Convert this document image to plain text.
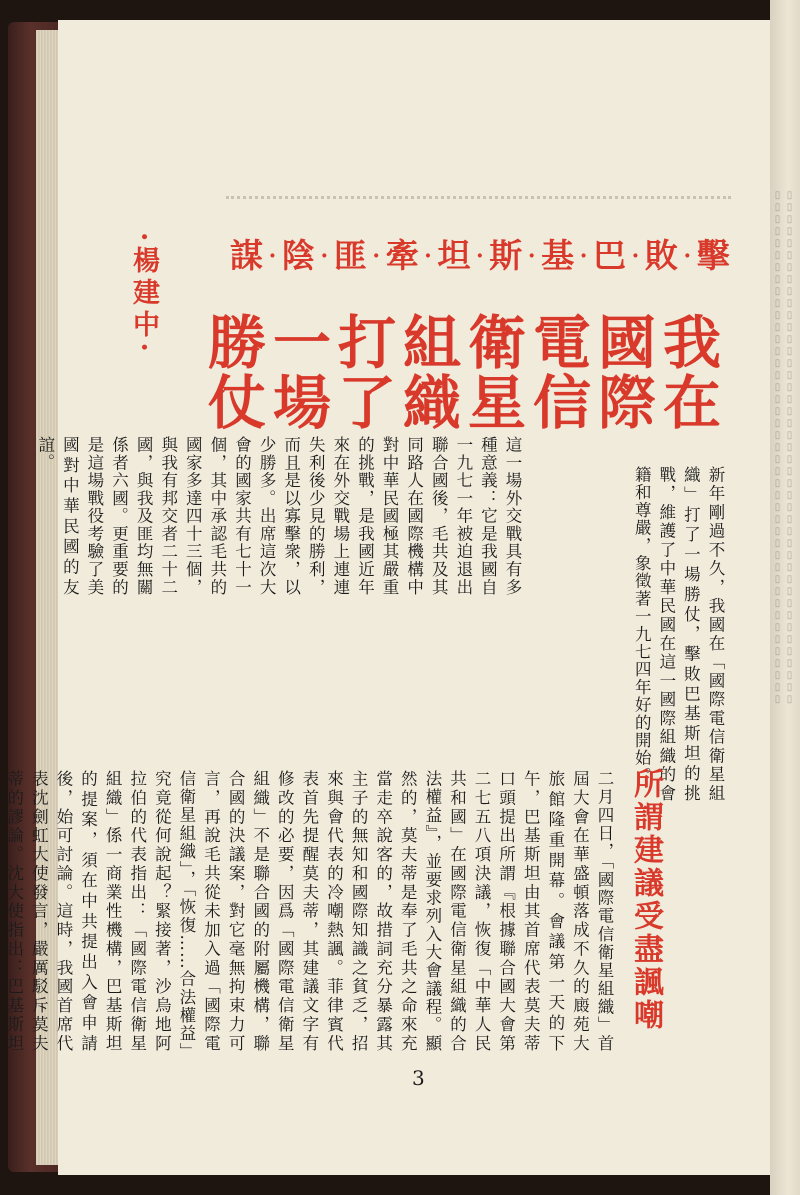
▯▯▯▯▯▯▯▯▯▯▯▯▯▯▯▯▯▯▯▯▯▯▯▯▯▯▯▯▯▯▯▯▯▯▯▯▯▯▯▯▯▯▯ ▯▯▯▯▯▯▯▯▯▯▯▯▯▯▯▯▯▯▯▯▯▯▯▯▯▯▯▯▯▯▯▯▯▯▯▯▯▯▯▯▯▯▯
擊
·
敗
·
巴
·
基
·
斯
·
坦
·
牽
·
匪
·
陰
·
謀
·楊建中·
我在
國際
電信
衛星
組織
打了
一場
勝仗
新年剛過不久，我國在「國際電信衛星組織」打了一場勝仗，擊敗巴基斯坦的挑戰，維護了中華民國在這一國際組織的會籍和尊嚴，象徵著一九七四年好的開始。
這一場外交戰具有多種意義：它是我國自一九七一年被迫退出聯合國後，毛共及其同路人在國際機構中對中華民國極其嚴重的挑戰，是我國近年來在外交戰場上連連失利後少見的勝利，而且是以寡擊衆，以少勝多。出席這次大會的國家共有七十一個，其中承認毛共的國家多達四十三個，與我有邦交者二十二國，與我及匪均無關係者六國。更重要的是這場戰役考驗了美國對中華民國的友誼。
所謂建議受盡諷嘲
二月四日，「國際電信衛星組織」首屆大會在華盛頓落成不久的廄苑大旅館隆重開幕。會議第一天的下午，巴基斯坦由其首席代表莫夫蒂口頭提出所謂『根據聯合國大會第二七五八項決議，恢復「中華人民共和國」在國際電信衛星組織的合法權益』，並要求列入大會議程。顯然的，莫夫蒂是奉了毛共之命來充當走卒說客的，故措詞充分暴露其主子的無知和國際知識之貧乏，招來與會代表的冷嘲熱諷。菲律賓代表首先提醒莫夫蒂，其建議文字有修改的必要，因爲「國際電信衛星組織」不是聯合國的附屬機構，聯合國的決議案，對它毫無拘束力可言，再說毛共從未加入過「國際電信衛星組織」，「恢復……合法權益」究竟從何說起？緊接著，沙烏地阿拉伯的代表指出：「國際電信衛星組織」係一商業性機構，巴基斯坦的提案，須在中共提出入會申請後，始可討論。這時，我國首席代表沈劍虹大使發言，嚴厲駁斥莫夫蒂的謬論。沈大使指出：巴基斯坦
3
